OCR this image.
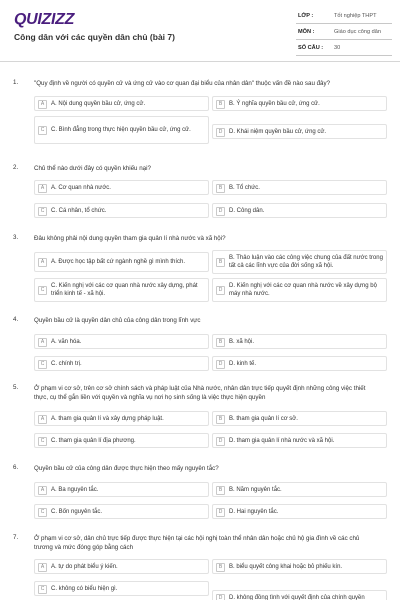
QUIZIZZ
Công dân với các quyền dân chủ (bài 7)
LỚP :	Tốt nghiệp THPT
MÔN :	Giáo dục công dân
SỐ CÂU : 30
1.	"Quy định về người có quyền cử và ứng cử vào cơ quan đại biểu của nhân dân" thuộc vấn đề nào sau đây?
A	A. Nội dung quyền bầu cử, ứng cử.	B	B. Ý nghĩa quyền bầu cử, ứng cử.
C	C. Bình đẳng trong thực hiện quyền bầu cử, ứng cử.	D	D. Khái niệm quyền bầu cử, ứng cử.
2.	Chủ thể nào dưới đây có quyền khiếu nại?
A	A. Cơ quan nhà nước.	B	B. Tổ chức.
C	C. Cá nhân, tổ chức.	D	D. Công dân.
3.	Đâu không phải nội dung quyền tham gia quản lí nhà nước và xã hội?
A	A. Được học tập bất cứ ngành nghề gì mình thích.	B
B. Thảo luận vào các công việc chung của đất nước trong tất cả các lĩnh vực của đời sống xã hội.
C
C. Kiến nghị với các cơ quan nhà nước xây dựng, phát triển kinh tế - xã hội.
D
D. Kiến nghị với các cơ quan nhà nước về xây dựng bộ máy nhà nước.
4.	Quyền bầu cử là quyền dân chủ của công dân trong lĩnh vực
A	A. văn hóa.	B	B. xã hội.
C	C. chính trị.	D	D. kinh tế.
5.	Ở phạm vi cơ sở, trên cơ sở chính sách và pháp luật của Nhà nước, nhân dân trực tiếp quyết định những công việc thiết thực, cụ thể gắn liền với quyền và nghĩa vụ nơi họ sinh sống là việc thực hiện quyền
A	A. tham gia quản lí và xây dựng pháp luật.	B	B. tham gia quản lí cơ sở.
C	C. tham gia quản lí địa phương.	D	D. tham gia quản lí nhà nước và xã hội.
6.	Quyền bầu cử của công dân được thực hiện theo mấy nguyên tắc?
A	A. Ba nguyên tắc.	B	B. Năm nguyên tắc.
C	C. Bốn nguyên tắc.	D	D. Hai nguyên tắc.
7.	Ở phạm vi cơ sở, dân chủ trực tiếp được thực hiện tại các hội nghị toàn thể nhân dân hoặc chủ hộ gia đình về các chủ trương và mức đóng góp bằng cách
A	A. tự do phát biểu ý kiến.	B	B. biểu quyết công khai hoặc bỏ phiếu kín.
C	C. không có biểu hiện gì.
D	D. không đồng tình với quyết định của chính quyền
